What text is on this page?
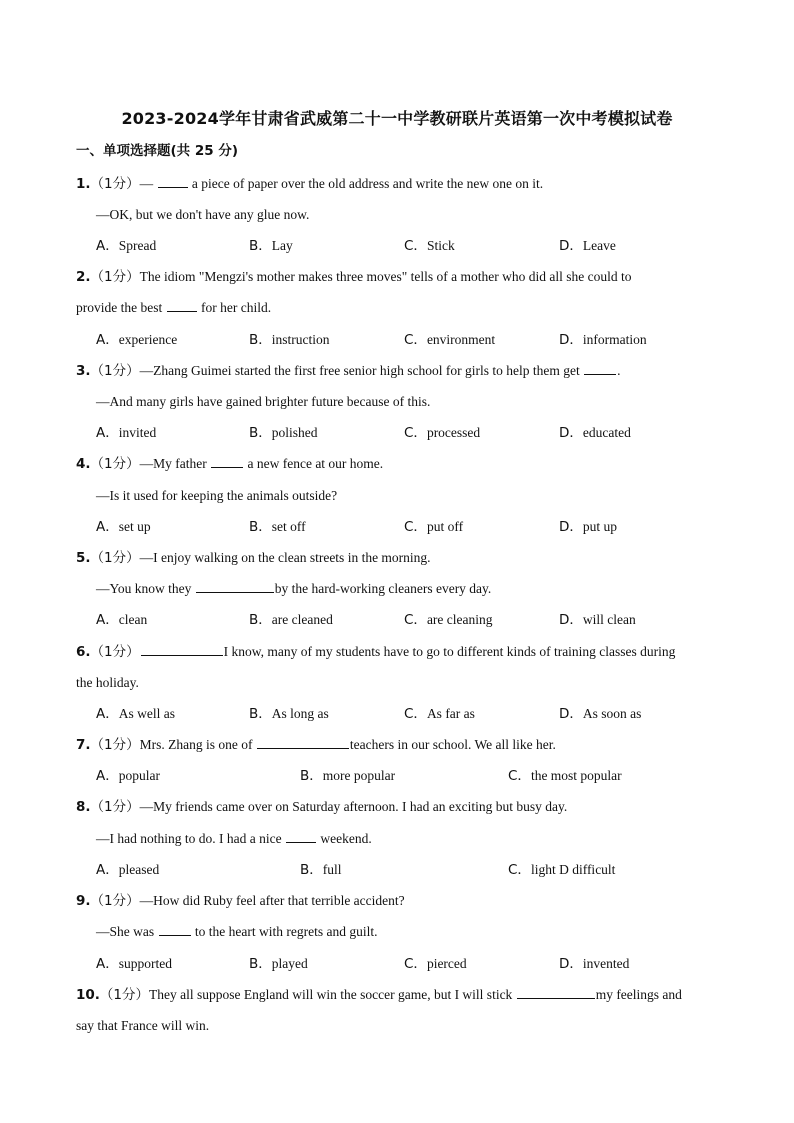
2023-2024学年甘肃省武威第二十一中学教研联片英语第一次中考模拟试卷
一、单项选择题(共 25 分)
1.（1分）—  a piece of paper over the old address and write the new one on it.
—OK, but we don't have any glue now.
A．Spread	B．Lay	C．Stick	D．Leave
2.（1分）The idiom "Mengzi's mother makes three moves" tells of a mother who did all she could to
provide the best  for her child.
A．experience	B．instruction	C．environment	D．information
3.（1分）—Zhang Guimei started the first free senior high school for girls to help them get	.
—And many girls have gained brighter future because of this.
A．invited	B．polished	C．processed	D．educated
4.（1分）—My father	a new fence at our home.
—Is it used for keeping the animals outside?
A．set up	B．set off	C．put off	D．put up
5.（1分）—I enjoy walking on the clean streets in the morning.
—You know they	by the hard-working cleaners every day.
A．clean	B．are cleaned	C．are cleaning	D．will clean
6.（1分）	I know, many of my students have to go to different kinds of training classes during
the holiday.
A．As well as	B．As long as	C．As far as	D．As soon as
7.（1分）Mrs. Zhang is one of	teachers in our school. We all like her.
A．popular	B．more popular	C．the most popular
8.（1分）—My friends came over on Saturday afternoon. I had an exciting but busy day.
—I had nothing to do. I had a nice  weekend.
A．pleased	B．full	C．light D difficult
9.（1分）—How did Ruby feel after that terrible accident?
—She was	to the heart with regrets and guilt.
A．supported	B．played	C．pierced	D．invented
10.（1分）They all suppose England will win the soccer game, but I will stick	my feelings and
say that France will win.
